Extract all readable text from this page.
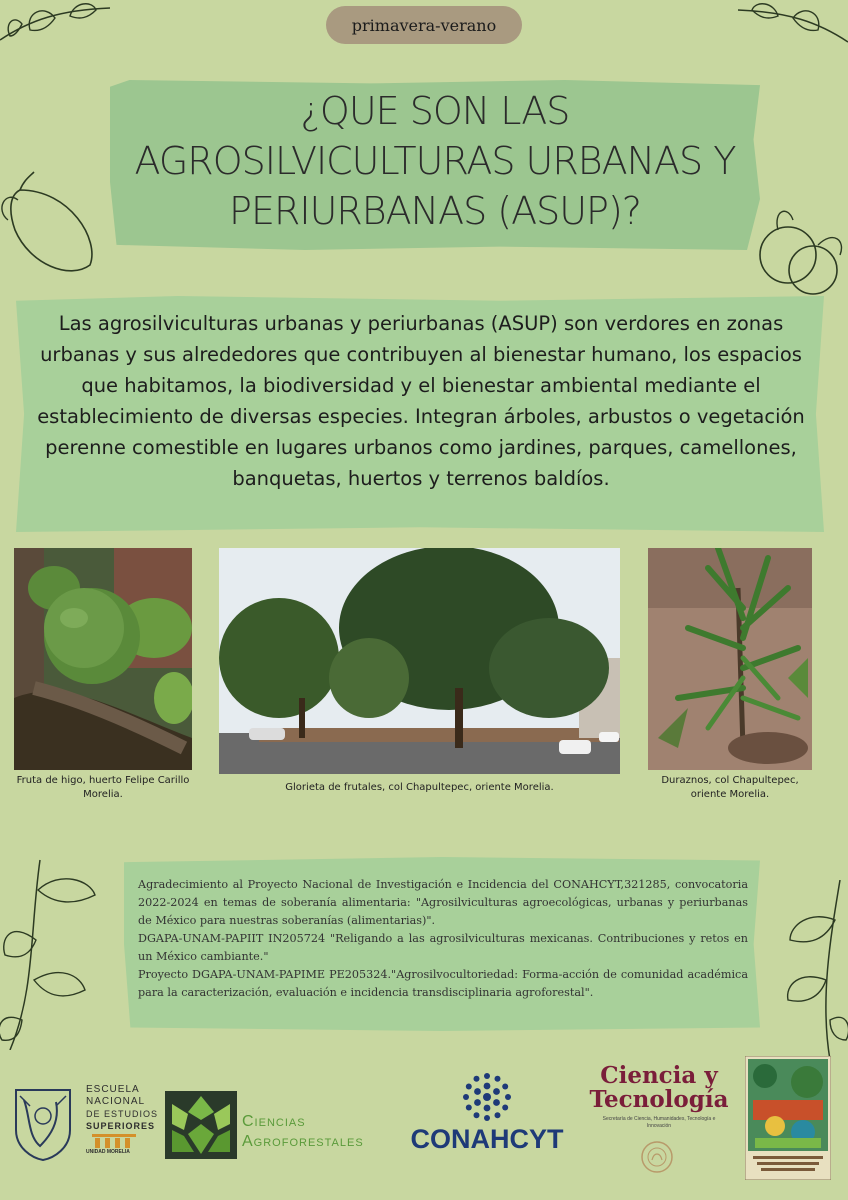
primavera-verano
¿QUE SON LAS
AGROSILVICULTURAS URBANAS Y
PERIURBANAS (ASUP)?
Las agrosilviculturas urbanas y periurbanas (ASUP) son verdores en zonas urbanas y sus alrededores que contribuyen al bienestar humano, los espacios que habitamos, la biodiversidad y el bienestar ambiental mediante el establecimiento de diversas especies. Integran árboles, arbustos o vegetación perenne comestible en lugares urbanos como jardines, parques, camellones, banquetas, huertos y terrenos baldíos.
Fruta de higo, huerto Felipe Carillo
Morelia.
Glorieta de frutales, col Chapultepec, oriente Morelia.
Duraznos, col Chapultepec,
oriente Morelia.

Agradecimiento al Proyecto Nacional de Investigación e Incidencia del CONAHCYT,321285, convocatoria 2022-2024 en temas de soberanía alimentaria: "Agrosilviculturas agroecológicas, urbanas y periurbanas de México para nuestras soberanías (alimentarias)".

DGAPA-UNAM-PAPIIT IN205724 "Religando a las agrosilviculturas mexicanas. Contribuciones y retos en un México cambiante."

Proyecto DGAPA-UNAM-PAPIME PE205324."Agrosilvocultoriedad: Forma-acción de comunidad académica para la caracterización, evaluación e incidencia transdisciplinaria agroforestal".

ESCUELA
NACIONAL
DE ESTUDIOS
SUPERIORES
UNIDAD MORELIA
Ciencias
Agroforestales	CONAHCYT
Ciencia y
Tecnología
Secretaría de Ciencia, Humanidades, Tecnología e Innovación
